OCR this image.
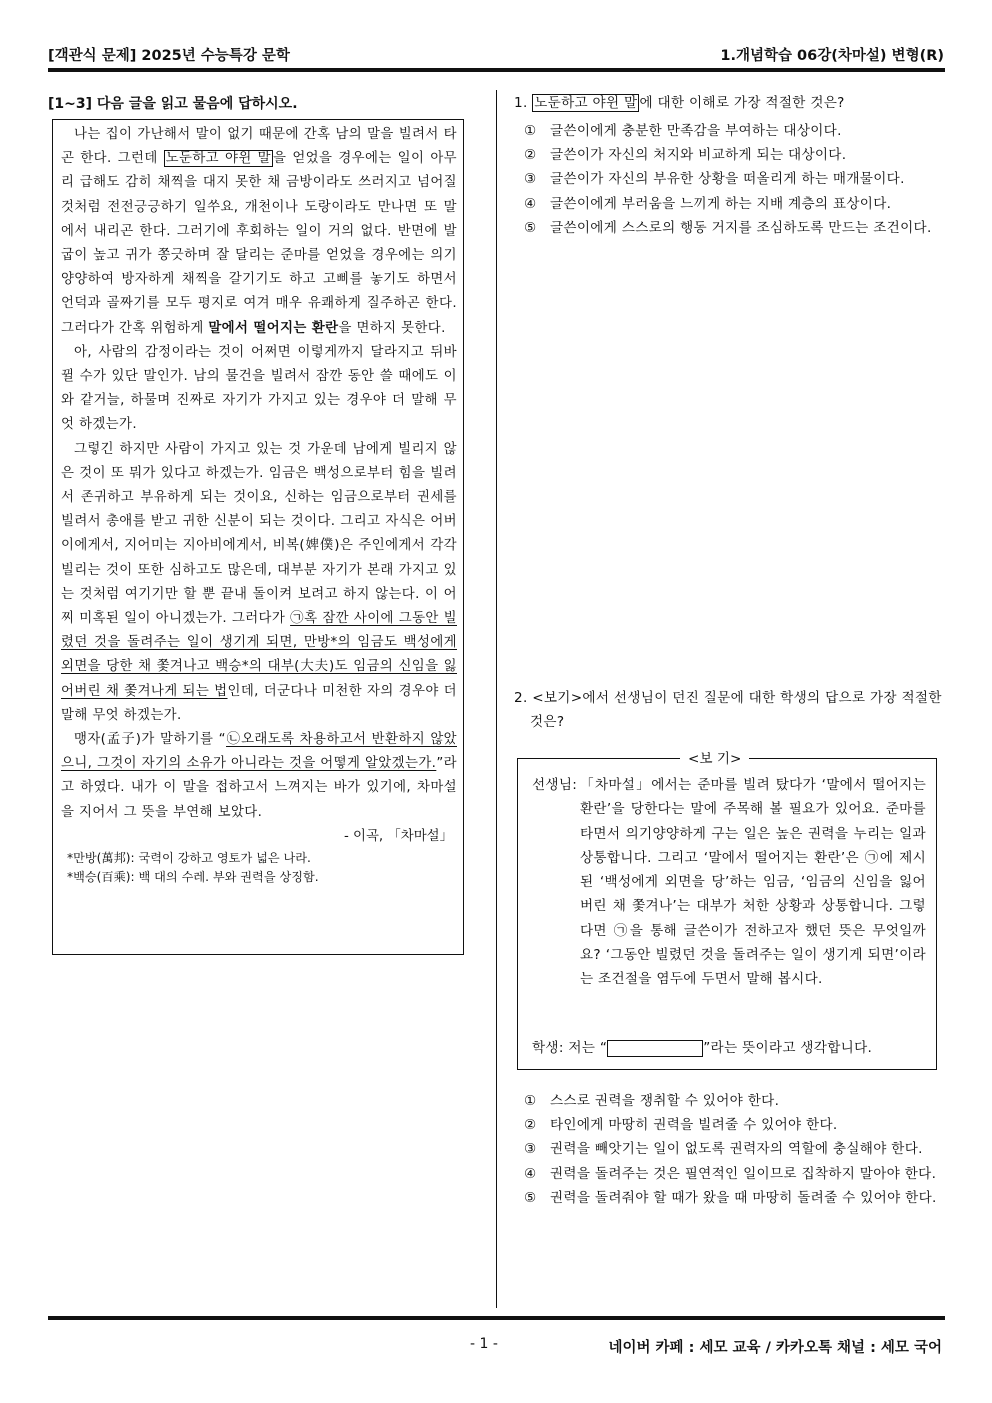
[객관식 문제] 2025년 수능특강 문학	1.개념학습 06강(차마설) 변형(R)
[1~3] 다음 글을 읽고 물음에 답하시오.

나는 집이 가난해서 말이 없기 때문에 간혹 남의 말을 빌려서 타곤 한다. 그런데 노둔하고 야윈 말 을 얻었을 경우에는 일이 아무리 급해도 감히 채찍을 대지 못한 채 금방이라도 쓰러지고 넘어질 것처럼 전전긍긍하기 일쑤요, 개천이나 도랑이라도 만나면 또 말에서 내리곤 한다. 그러기에 후회하는 일이 거의 없다. 반면에 발굽이 높고 귀가 쫑긋하며 잘 달리는 준마를 얻었을 경우에는 의기양양하여 방자하게 채찍을 갈기기도 하고 고삐를 놓기도 하면서 언덕과 골짜기를 모두 평지로 여겨 매우 유쾌하게 질주하곤 한다. 그러다가 간혹 위험하게 말에서 떨어지는 환란을 면하지 못한다.

아, 사람의 감정이라는 것이 어쩌면 이렇게까지 달라지고 뒤바뀔 수가 있단 말인가. 남의 물건을 빌려서 잠깐 동안 쓸 때에도 이와 같거늘, 하물며 진짜로 자기가 가지고 있는 경우야 더 말해 무엇 하겠는가.

그렇긴 하지만 사람이 가지고 있는 것 가운데 남에게 빌리지 않은 것이 또 뭐가 있다고 하겠는가. 임금은 백성으로부터 힘을 빌려서 존귀하고 부유하게 되는 것이요, 신하는 임금으로부터 권세를 빌려서 총애를 받고 귀한 신분이 되는 것이다. 그리고 자식은 어버이에게서, 지어미는 지아비에게서, 비복(婢僕)은 주인에게서 각각 빌리는 것이 또한 심하고도 많은데, 대부분 자기가 본래 가지고 있는 것처럼 여기기만 할 뿐 끝내 돌이켜 보려고 하지 않는다. 이 어찌 미혹된 일이 아니겠는가. 그러다가 ㉠혹 잠깐 사이에 그동안 빌렸던 것을 돌려주는 일이 생기게 되면, 만방*의 임금도 백성에게 외면을 당한 채 쫓겨나고 백승*의 대부(大夫)도 임금의 신임을 잃어버린 채 쫓겨나게 되는 법인데, 더군다나 미천한 자의 경우야 더 말해 무엇 하겠는가.

맹자(孟子)가 말하기를 “㉡오래도록 차용하고서 반환하지 않았으니, 그것이 자기의 소유가 아니라는 것을 어떻게 알았겠는가.”라고 하였다. 내가 이 말을 접하고서 느껴지는 바가 있기에, 차마설을 지어서 그 뜻을 부연해 보았다.

- 이곡, 「차마설」
*만방(萬邦): 국력이 강하고 영토가 넓은 나라.
*백승(百乘): 백 대의 수레. 부와 권력을 상징함.

1. 노둔하고 야윈 말 에 대한 이해로 가장 적절한 것은?

① 글쓴이에게 충분한 만족감을 부여하는 대상이다.
② 글쓴이가 자신의 처지와 비교하게 되는 대상이다.
③ 글쓴이가 자신의 부유한 상황을 떠올리게 하는 매개물이다.
④ 글쓴이에게 부러움을 느끼게 하는 지배 계층의 표상이다.
⑤ 글쓴이에게 스스로의 행동 거지를 조심하도록 만드는 조건이다.

2. <보기>에서 선생님이 던진 질문에 대한 학생의 답으로 가장 적절한 것은?

선생님: 「차마설」에서는 준마를 빌려 탔다가 ‘말에서 떨어지는 환란’을 당한다는 말에 주목해 볼 필요가 있어요. 준마를 타면서 의기양양하게 구는 일은 높은 권력을 누리는 일과 상통합니다. 그리고 ‘말에서 떨어지는 환란’은 ㉠에 제시된 ‘백성에게 외면을 당’하는 임금, ‘임금의 신임을 잃어버린 채 쫓겨나’는 대부가 처한 상황과 상통합니다. 그렇다면 ㉠을 통해 글쓴이가 전하고자 했던 뜻은 무엇일까요? ‘그동안 빌렸던 것을 돌려주는 일이 생기게 되면’이라는 조건절을 염두에 두면서 말해 봅시다.
학생: 저는 “	”라는 뜻이라고 생각합니다.
<보 기>
① 스스로 권력을 쟁취할 수 있어야 한다.
② 타인에게 마땅히 권력을 빌려줄 수 있어야 한다.
③ 권력을 빼앗기는 일이 없도록 권력자의 역할에 충실해야 한다.
④ 권력을 돌려주는 것은 필연적인 일이므로 집착하지 말아야 한다.
⑤ 권력을 돌려줘야 할 때가 왔을 때 마땅히 돌려줄 수 있어야 한다.
- 1 -	네이버 카페 : 세모 교육 / 카카오톡 채널 : 세모 국어
